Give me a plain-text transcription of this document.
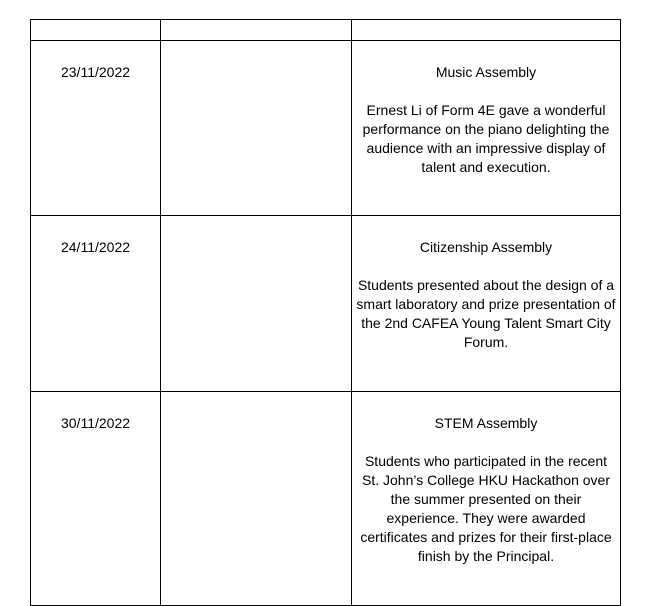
23/11/2022		Music Assembly
Ernest Li of Form 4E gave a wonderful performance on the piano delighting the audience with an impressive display of talent and execution.

24/11/2022		Citizenship Assembly
Students presented about the design of a smart laboratory and prize presentation of the 2nd CAFEA Young Talent Smart City Forum.

30/11/2022		STEM Assembly
Students who participated in the recent St. John’s College HKU Hackathon over the summer presented on their experience. They were awarded certificates and prizes for their first-place finish by the Principal.
